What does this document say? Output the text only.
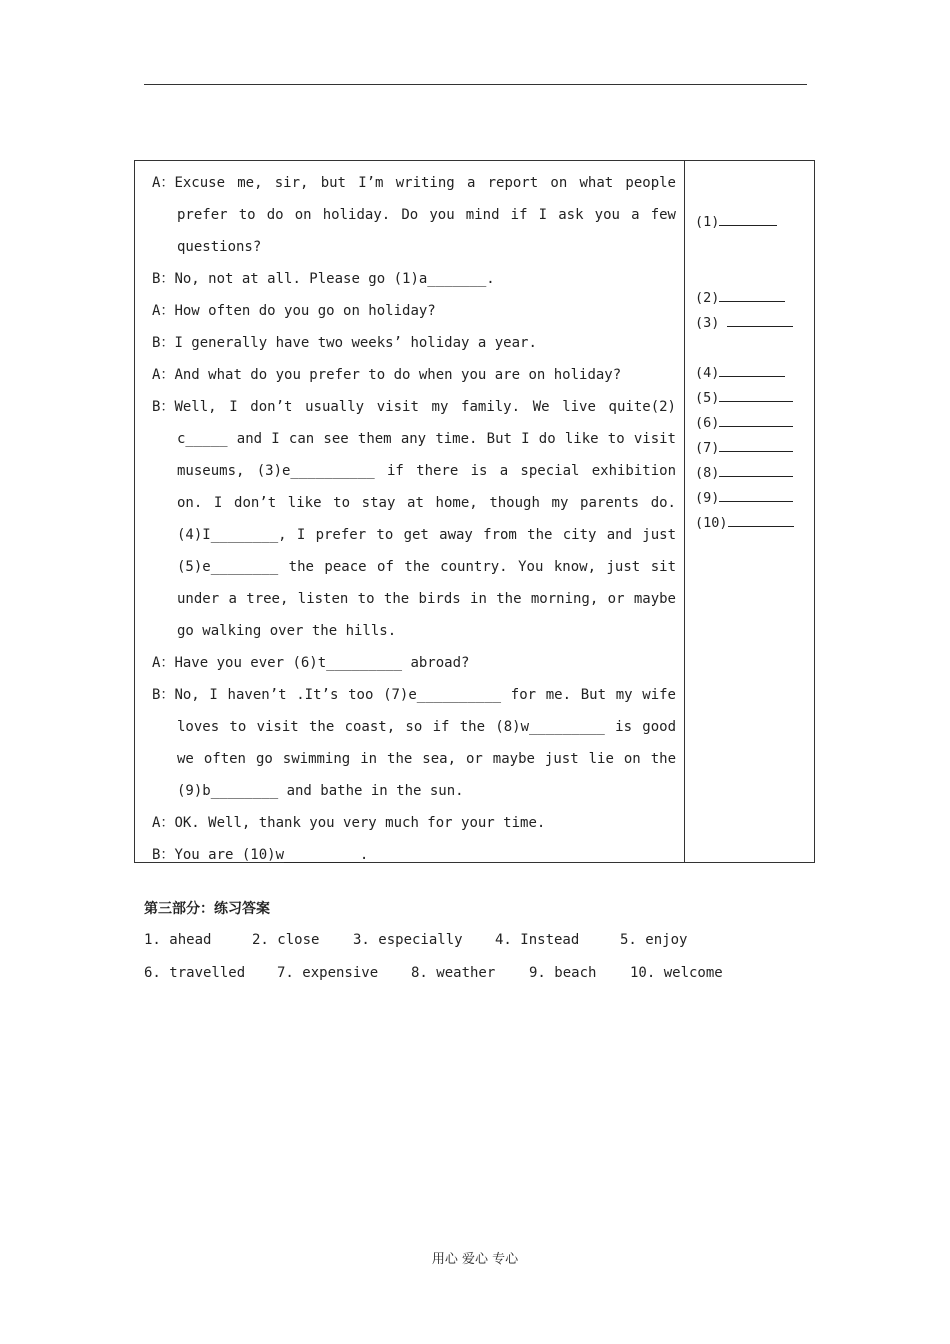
A：Excuse me, sir, but I’m writing a report on what people prefer to do on holiday. Do you mind if I ask you a few questions?

B：No, not at all. Please go (1)a_______.

A：How often do you go on holiday?

B：I generally have two weeks’ holiday a year.

A：And what do you prefer to do when you are on holiday?

B：Well, I don’t usually visit my family. We live quite(2) c_____ and I can see them any time. But I do like to visit museums, (3)e__________ if there is a special exhibition on. I don’t like to stay at home, though my parents do. (4)I________, I prefer to get away from the city and just (5)e________ the peace of the country. You know, just sit under a tree, listen to the birds in the morning, or maybe go walking over the hills.

A：Have you ever (6)t_________ abroad?

B：No, I haven’t .It’s too (7)e__________ for me. But my wife loves to visit the coast, so if the (8)w_________ is good we often go swimming in the sea, or maybe just lie on the (9)b________ and bathe in the sun.

A：OK. Well, thank you very much for your time.

B：You are (10)w_________.

(1)
(2)
(3)
(4)
(5)
(6)
(7)
(8)
(9)
(10)
第三部分：练习答案
1. ahead	2. close 3. especially 4. Instead	5. enjoy
6. travelled 7. expensive 8. weather 9. beach 10. welcome
用心 爱心 专心
